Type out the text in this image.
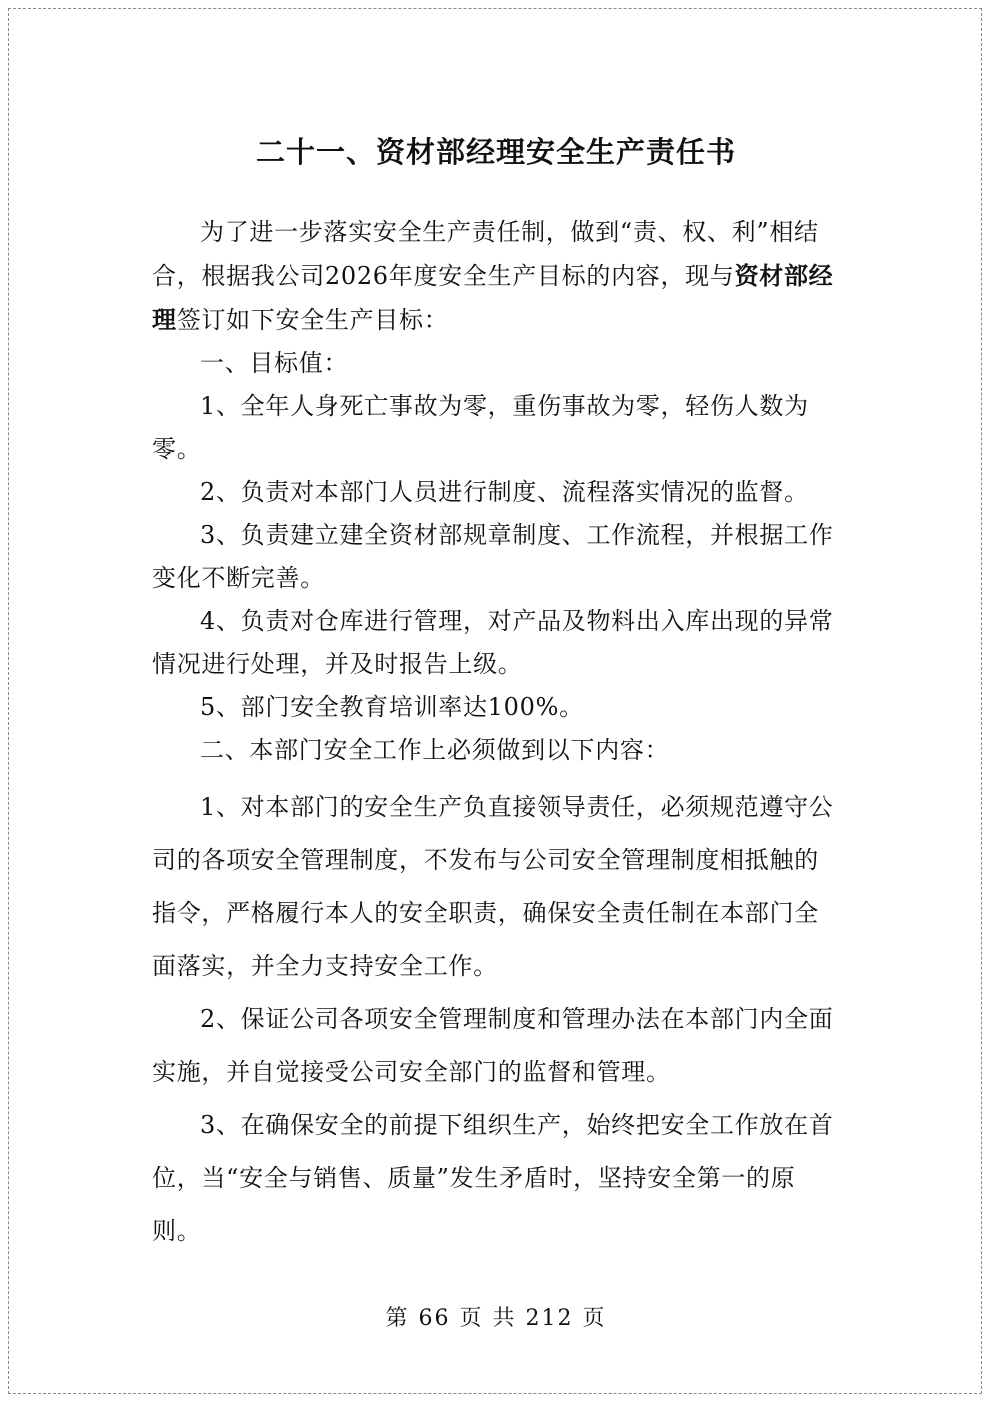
二十一、资材部经理安全生产责任书

为了进一步落实安全生产责任制，做到“责、权、利”相结合，根据我公司2026年度安全生产目标的内容，现与资材部经理签订如下安全生产目标：

一、目标值：

1、全年人身死亡事故为零，重伤事故为零，轻伤人数为零。

2、负责对本部门人员进行制度、流程落实情况的监督。

3、负责建立建全资材部规章制度、工作流程，并根据工作变化不断完善。

4、负责对仓库进行管理，对产品及物料出入库出现的异常情况进行处理，并及时报告上级。

5、部门安全教育培训率达100%。

二、本部门安全工作上必须做到以下内容：

1、对本部门的安全生产负直接领导责任，必须规范遵守公司的各项安全管理制度，不发布与公司安全管理制度相抵触的指令，严格履行本人的安全职责，确保安全责任制在本部门全面落实，并全力支持安全工作。

2、保证公司各项安全管理制度和管理办法在本部门内全面实施，并自觉接受公司安全部门的监督和管理。

3、在确保安全的前提下组织生产，始终把安全工作放在首位，当“安全与销售、质量”发生矛盾时，坚持安全第一的原则。

第 66 页 共 212 页
